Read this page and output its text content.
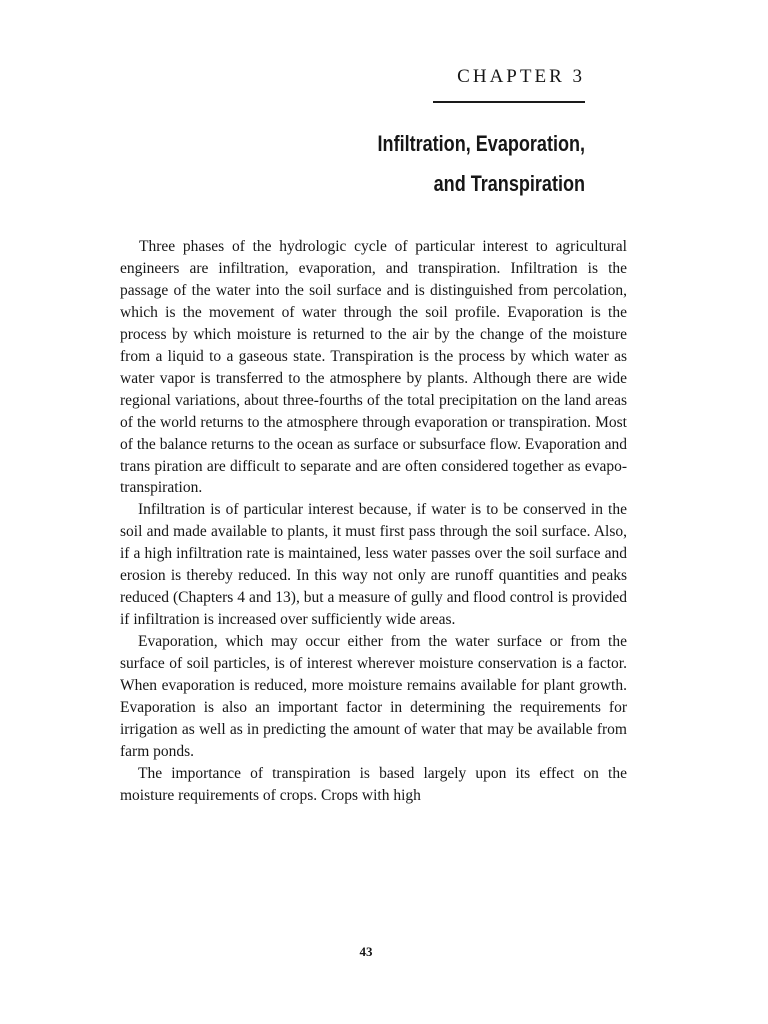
CHAPTER 3
Infiltration, Evaporation,
and Transpiration

Three phases of the hydrologic cycle of particular interest to agricultural engineers are infiltration, evaporation, and transpiration. Infiltration is the passage of the water into the soil surface and is distinguished from percolation, which is the movement of water through the soil profile. Evaporation is the process by which moisture is returned to the air by the change of the moisture from a liquid to a gaseous state. Transpiration is the process by which water as water vapor is transferred to the atmosphere by plants. Although there are wide regional variations, about three-fourths of the total precipitation on the land areas of the world returns to the atmosphere through evaporation or transpiration. Most of the balance returns to the ocean as surface or subsurface flow. Evaporation and trans piration are difficult to separate and are often considered together as evapo-transpiration.

Infiltration is of particular interest because, if water is to be conserved in the soil and made available to plants, it must first pass through the soil surface. Also, if a high infiltration rate is maintained, less water passes over the soil surface and erosion is thereby reduced. In this way not only are runoff quantities and peaks reduced (Chapters 4 and 13), but a measure of gully and flood control is provided if infiltration is increased over sufficiently wide areas.

Evaporation, which may occur either from the water surface or from the surface of soil particles, is of interest wherever moisture conservation is a factor. When evaporation is reduced, more moisture remains available for plant growth. Evaporation is also an important factor in determining the requirements for irrigation as well as in predicting the amount of water that may be available from farm ponds.

The importance of transpiration is based largely upon its effect on the moisture requirements of crops. Crops with high

43
